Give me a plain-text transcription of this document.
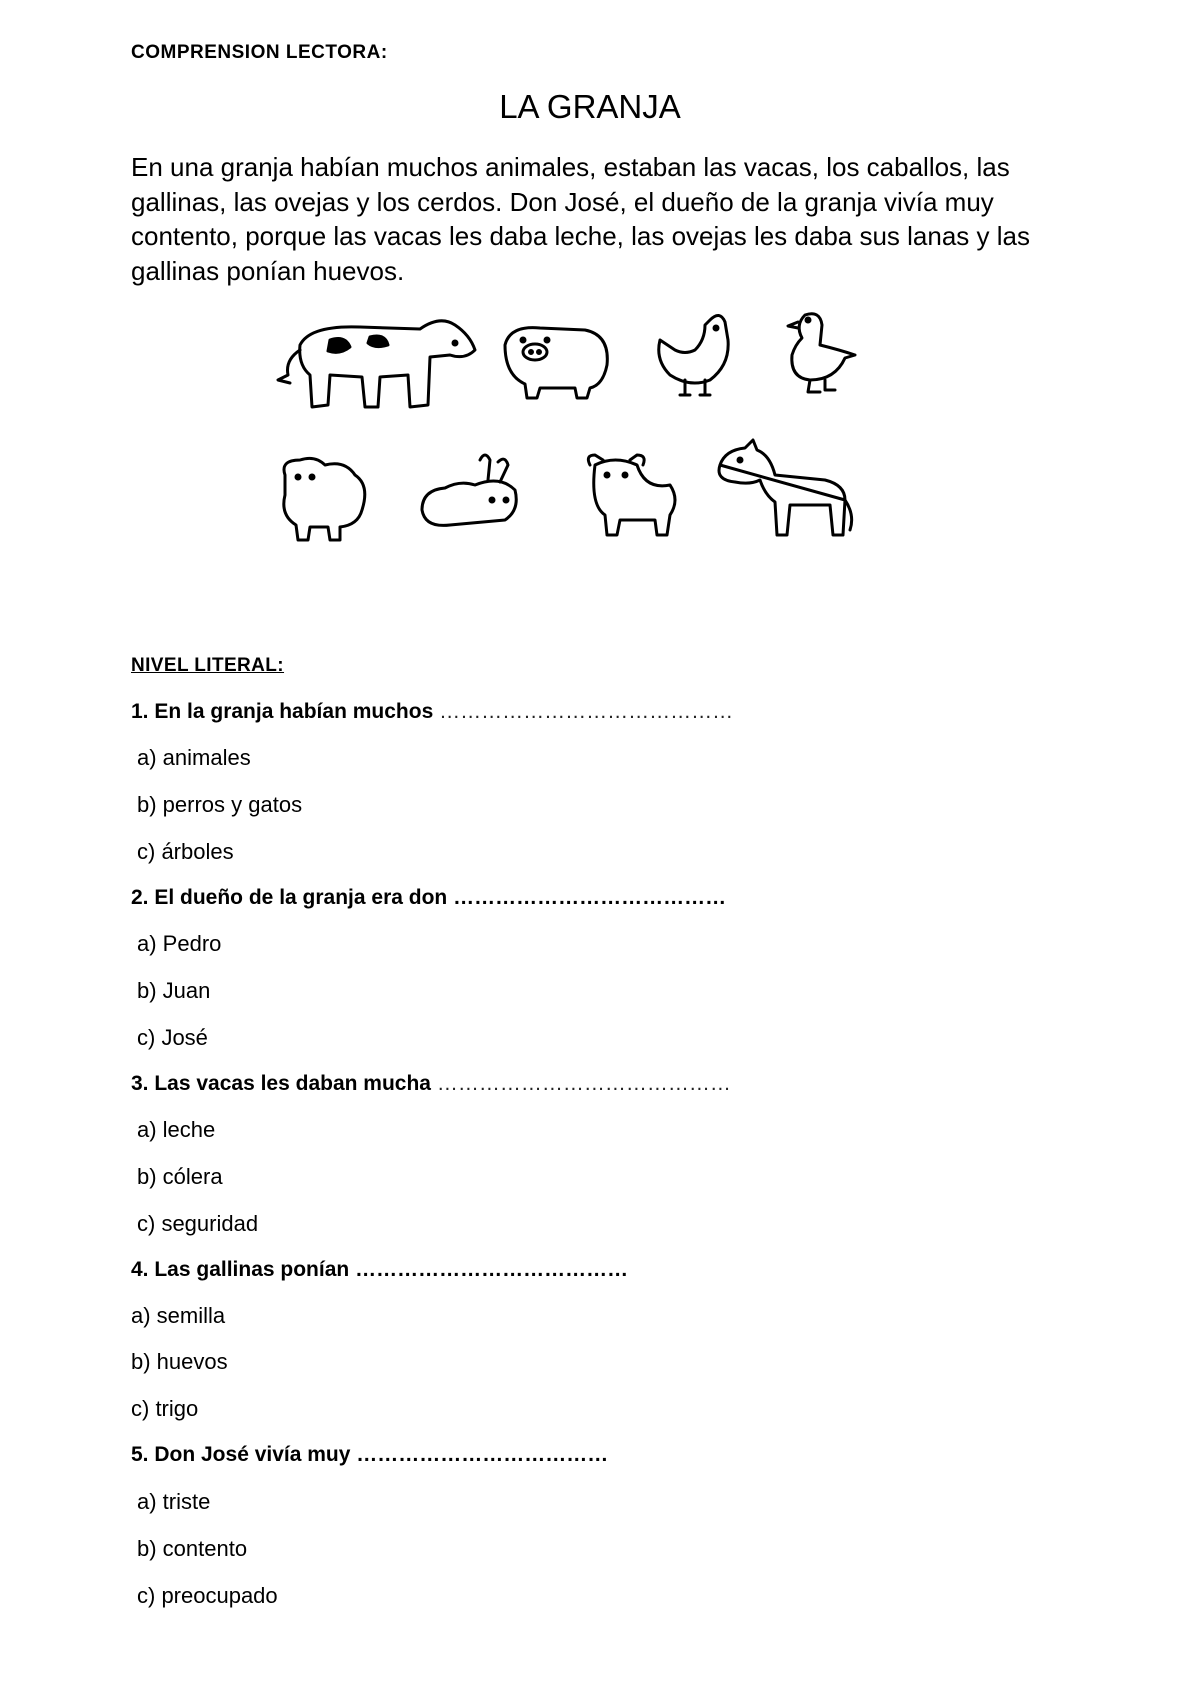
COMPRENSION LECTORA:
LA GRANJA
En una granja habían muchos animales, estaban las vacas, los caballos, las gallinas, las ovejas y los cerdos. Don José, el dueño de la granja vivía muy contento, porque las vacas les daba leche, las ovejas les daba sus lanas y las gallinas ponían huevos.
NIVEL LITERAL:
1. En la granja habían muchos ……………………………………
a) animales
b) perros y gatos
c) árboles
2. El dueño de la granja era don …………………………………
a) Pedro
b) Juan
c) José
3. Las vacas les daban mucha ……………………………………
a) leche
b) cólera
c) seguridad
4. Las gallinas ponían …………………………………
a) semilla
b) huevos
c) trigo
5. Don José vivía muy ………………………………
a) triste
b) contento
c) preocupado
